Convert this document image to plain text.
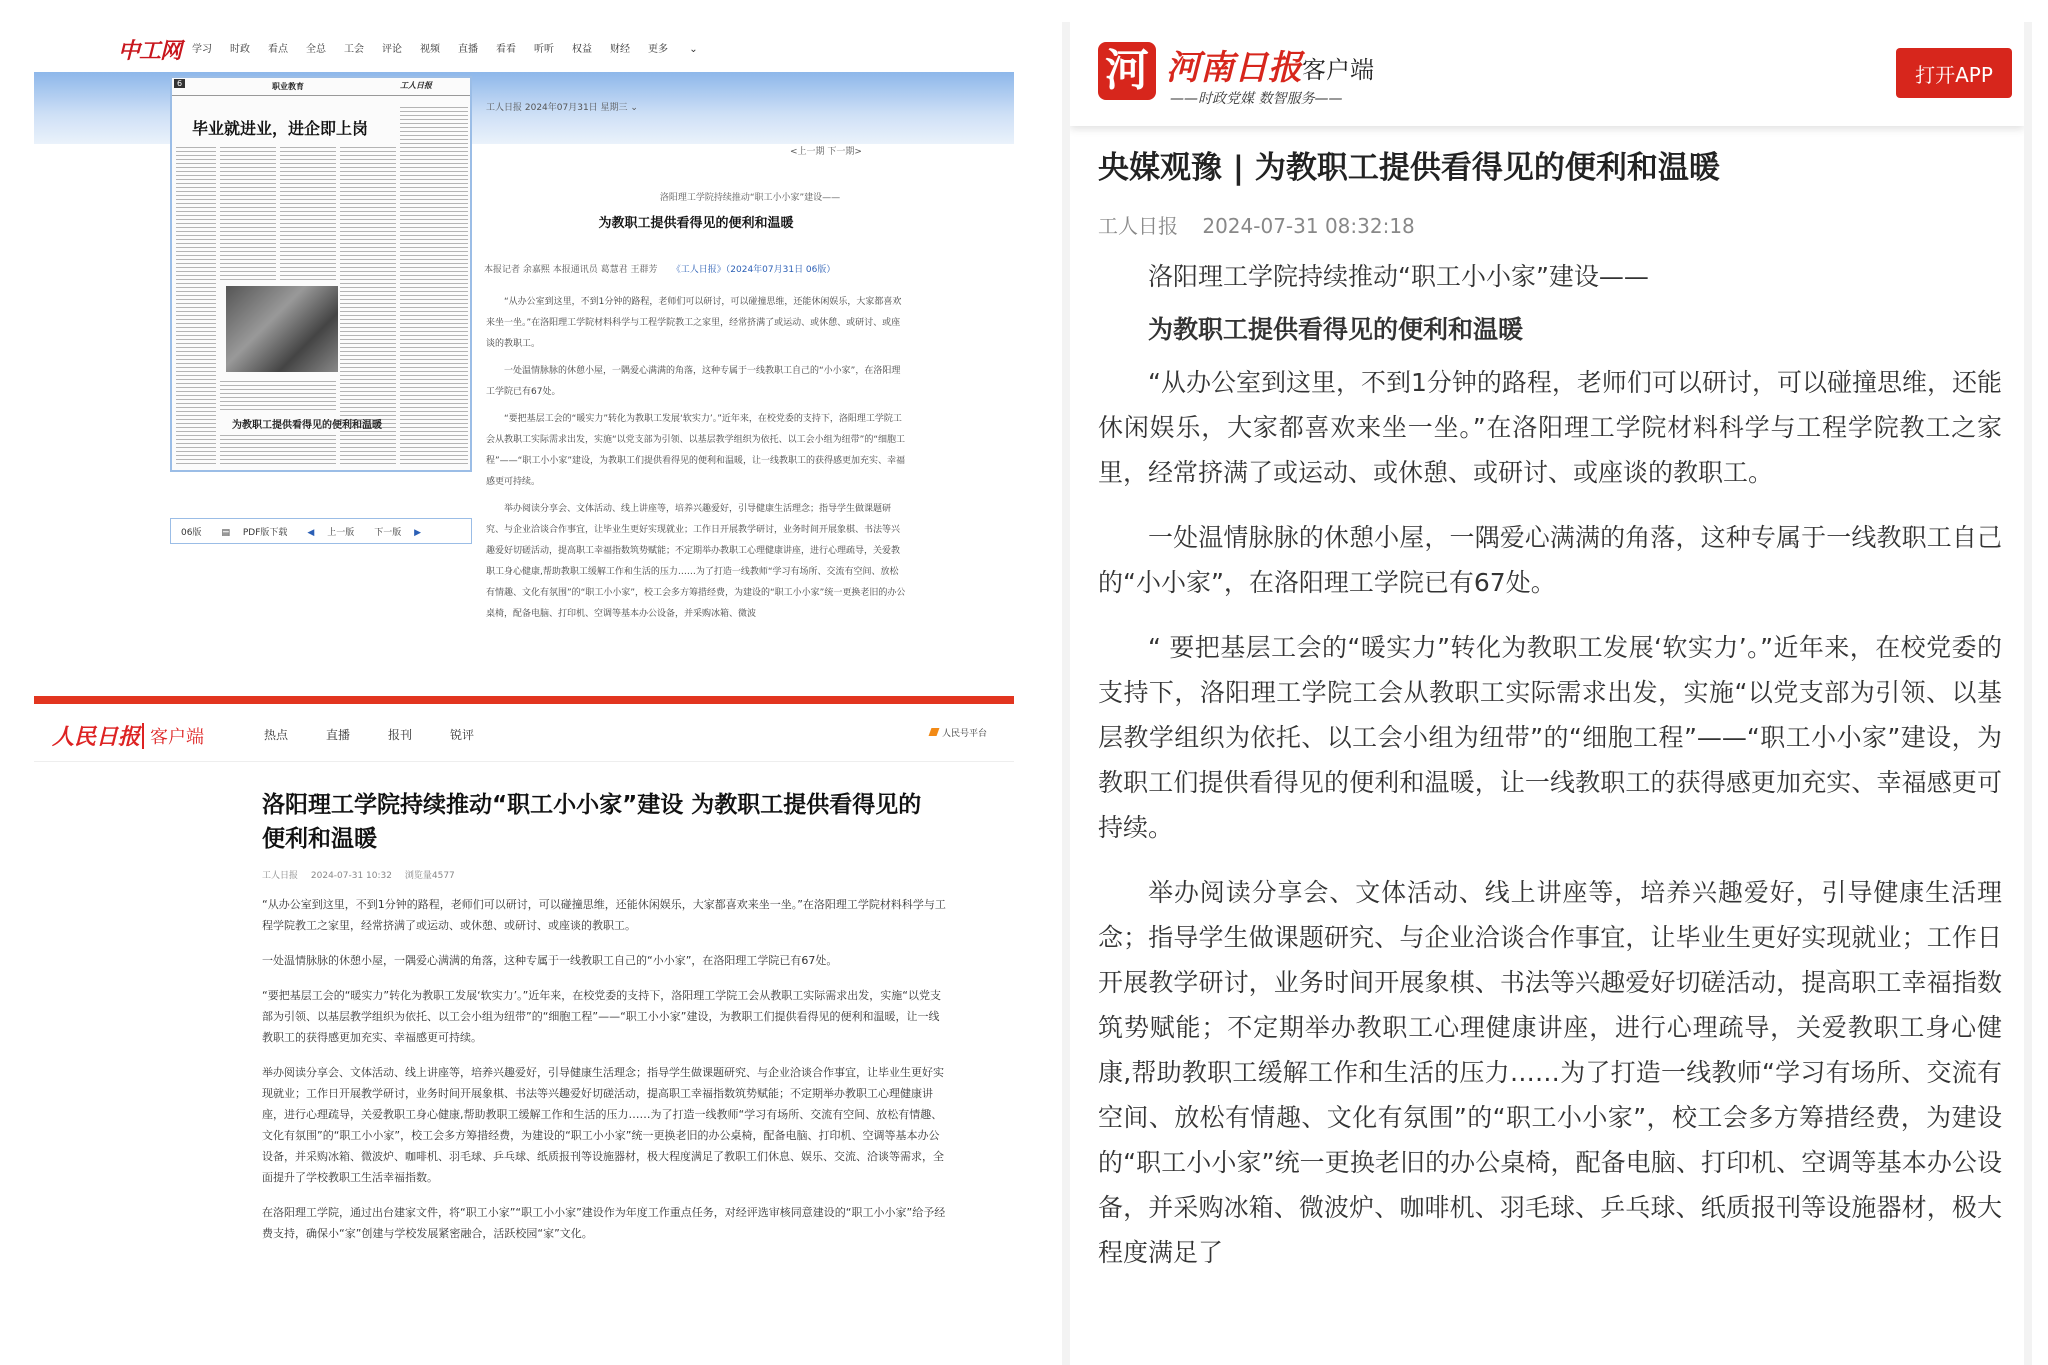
中工网 学习 时政 看点 全总 工会 评论 视频 直播 看看 听听 权益 财经 更多 ⌄
6	职业教育	工人日报
毕业就进业，进企即上岗
为教职工提供看得见的便利和温暖
06版	▤ PDF版下载	◀ 上一版	下一版 ▶
工人日报 2024年07月31日 星期三 ⌄
<上一期 下一期>
洛阳理工学院持续推动“职工小小家”建设——
为教职工提供看得见的便利和温暖
本报记者 余嘉熙 本报通讯员 葛慧君 王群芳 《工人日报》（2024年07月31日 06版）

“从办公室到这里，不到1分钟的路程，老师们可以研讨，可以碰撞思维，还能休闲娱乐，大家都喜欢来坐一坐。”在洛阳理工学院材料科学与工程学院教工之家里，经常挤满了或运动、或休憩、或研讨、或座谈的教职工。

一处温情脉脉的休憩小屋，一隅爱心满满的角落，这种专属于一线教职工自己的“小小家”，在洛阳理工学院已有67处。

“要把基层工会的“暖实力”转化为教职工发展‘软实力’。”近年来，在校党委的支持下，洛阳理工学院工会从教职工实际需求出发，实施“以党支部为引领、以基层教学组织为依托、以工会小组为纽带”的“细胞工程”——“职工小小家”建设，为教职工们提供看得见的便利和温暖，让一线教职工的获得感更加充实、幸福感更可持续。

举办阅读分享会、文体活动、线上讲座等，培养兴趣爱好，引导健康生活理念；指导学生做课题研究、与企业洽谈合作事宜，让毕业生更好实现就业；工作日开展教学研讨，业务时间开展象棋、书法等兴趣爱好切磋活动，提高职工幸福指数筑势赋能；不定期举办教职工心理健康讲座，进行心理疏导，关爱教职工身心健康,帮助教职工缓解工作和生活的压力……为了打造一线教师“学习有场所、交流有空间、放松有情趣、文化有氛围”的“职工小小家”，校工会多方筹措经费，为建设的“职工小小家”统一更换老旧的办公桌椅，配备电脑、打印机、空调等基本办公设备，并采购冰箱、微波

人民日报 客户端	热点	直播	报刊	锐评	人民号平台
洛阳理工学院持续推动“职工小小家”建设 为教职工提供看得见的便利和温暖
工人日报 2024-07-31 10:32 浏览量4577

“从办公室到这里，不到1分钟的路程，老师们可以研讨，可以碰撞思维，还能休闲娱乐，大家都喜欢来坐一坐。”在洛阳理工学院材料科学与工程学院教工之家里，经常挤满了或运动、或休憩、或研讨、或座谈的教职工。

一处温情脉脉的休憩小屋，一隅爱心满满的角落，这种专属于一线教职工自己的“小小家”，在洛阳理工学院已有67处。

“要把基层工会的“暖实力”转化为教职工发展‘软实力’。”近年来，在校党委的支持下，洛阳理工学院工会从教职工实际需求出发，实施“以党支部为引领、以基层教学组织为依托、以工会小组为纽带”的“细胞工程”——“职工小小家”建设，为教职工们提供看得见的便利和温暖，让一线教职工的获得感更加充实、幸福感更可持续。

举办阅读分享会、文体活动、线上讲座等，培养兴趣爱好，引导健康生活理念；指导学生做课题研究、与企业洽谈合作事宜，让毕业生更好实现就业；工作日开展教学研讨，业务时间开展象棋、书法等兴趣爱好切磋活动，提高职工幸福指数筑势赋能；不定期举办教职工心理健康讲座，进行心理疏导，关爱教职工身心健康,帮助教职工缓解工作和生活的压力……为了打造一线教师“学习有场所、交流有空间、放松有情趣、文化有氛围”的“职工小小家”，校工会多方筹措经费，为建设的“职工小小家”统一更换老旧的办公桌椅，配备电脑、打印机、空调等基本办公设备，并采购冰箱、微波炉、咖啡机、羽毛球、乒乓球、纸质报刊等设施器材，极大程度满足了教职工们休息、娱乐、交流、洽谈等需求，全面提升了学校教职工生活幸福指数。

在洛阳理工学院，通过出台建家文件，将“职工小家”“职工小小家”建设作为年度工作重点任务，对经评选审核同意建设的“职工小小家”给予经费支持，确保小“家”创建与学校发展紧密融合，活跃校园“家”文化。

河 河南日报 客户端
——时政党媒 数智服务——
打开APP
央媒观豫 | 为教职工提供看得见的便利和温暖
工人日报 2024-07-31 08:32:18

洛阳理工学院持续推动“职工小小家”建设——

为教职工提供看得见的便利和温暖

“从办公室到这里，不到1分钟的路程，老师们可以研讨，可以碰撞思维，还能休闲娱乐，大家都喜欢来坐一坐。”在洛阳理工学院材料科学与工程学院教工之家里，经常挤满了或运动、或休憩、或研讨、或座谈的教职工。

一处温情脉脉的休憩小屋，一隅爱心满满的角落，这种专属于一线教职工自己的“小小家”，在洛阳理工学院已有67处。

“ 要把基层工会的“暖实力”转化为教职工发展‘软实力’。”近年来，在校党委的支持下，洛阳理工学院工会从教职工实际需求出发，实施“以党支部为引领、以基层教学组织为依托、以工会小组为纽带”的“细胞工程”——“职工小小家”建设，为教职工们提供看得见的便利和温暖，让一线教职工的获得感更加充实、幸福感更可持续。

举办阅读分享会、文体活动、线上讲座等，培养兴趣爱好，引导健康生活理念；指导学生做课题研究、与企业洽谈合作事宜，让毕业生更好实现就业；工作日开展教学研讨，业务时间开展象棋、书法等兴趣爱好切磋活动，提高职工幸福指数筑势赋能；不定期举办教职工心理健康讲座，进行心理疏导，关爱教职工身心健康,帮助教职工缓解工作和生活的压力……为了打造一线教师“学习有场所、交流有空间、放松有情趣、文化有氛围”的“职工小小家”，校工会多方筹措经费，为建设的“职工小小家”统一更换老旧的办公桌椅，配备电脑、打印机、空调等基本办公设备，并采购冰箱、微波炉、咖啡机、羽毛球、乒乓球、纸质报刊等设施器材，极大程度满足了
